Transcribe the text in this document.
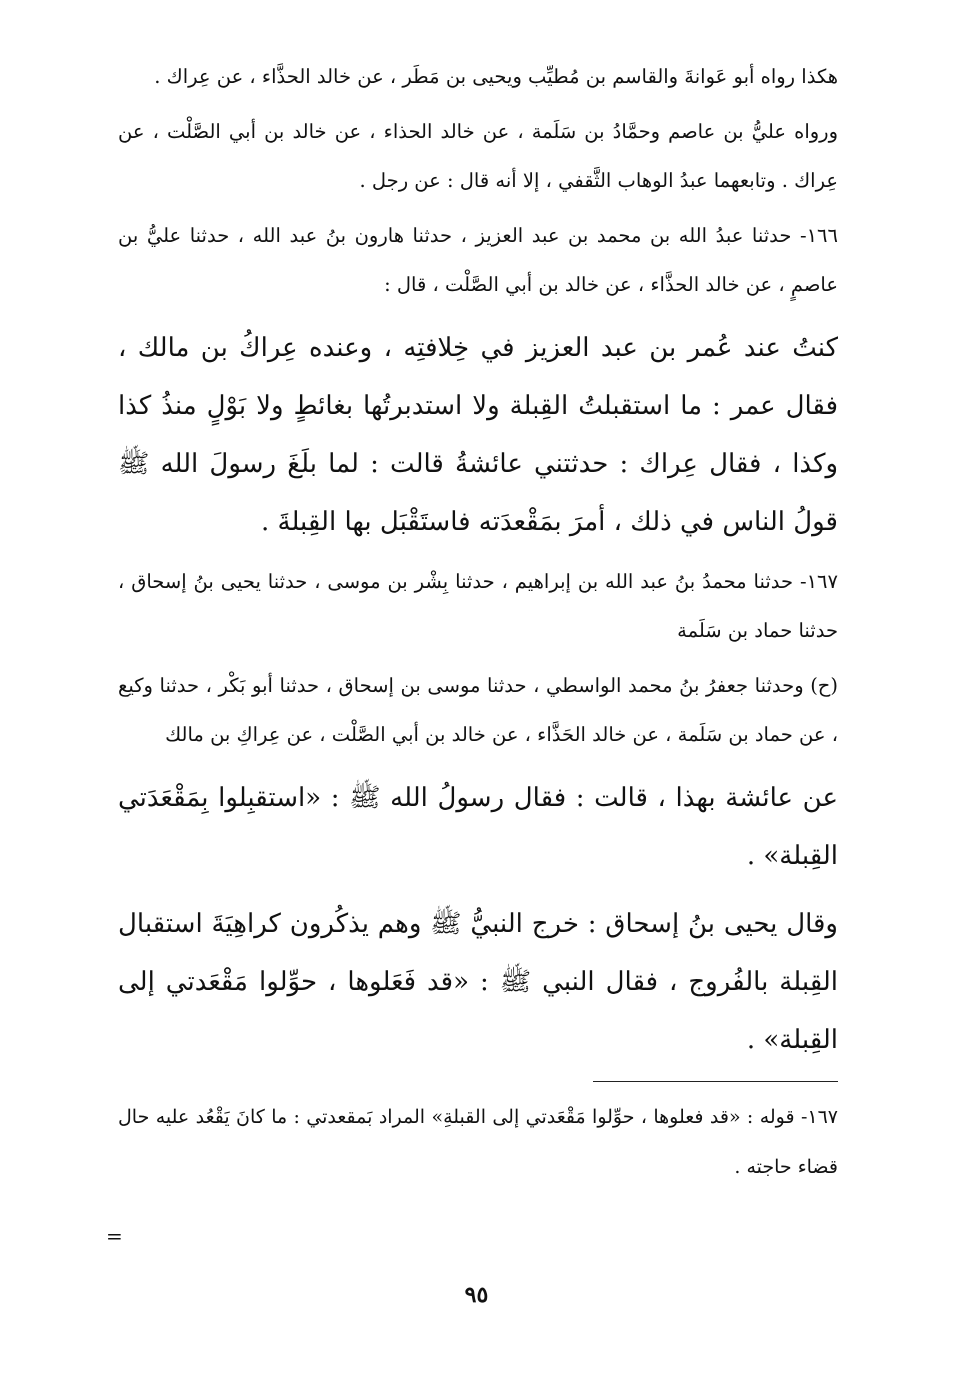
هكذا رواه أبو عَوانةَ والقاسم بن مُطيِّب ويحيى بن مَطَر ، عن خالد الحذَّاء ، عن عِراك .

ورواه عليُّ بن عاصم وحمَّادُ بن سَلَمة ، عن خالد الحذاء ، عن خالد بن أبي الصَّلْت ، عن عِراك . وتابعهما عبدُ الوهاب الثَّقفي ، إلا أنه قال : عن رجل .

١٦٦- حدثنا عبدُ الله بن محمد بن عبد العزيز ، حدثنا هارون بنُ عبد الله ، حدثنا عليُّ بن عاصمٍ ، عن خالد الحذَّاء ، عن خالد بن أبي الصَّلْت ، قال :

كنتُ عند عُمر بن عبد العزيز في خِلافتِه ، وعنده عِراكُ بن مالك ، فقال عمر : ما استقبلتُ القِبلة ولا استدبرتُها بغائطٍ ولا بَوْلٍ منذُ كذا وكذا ، فقال عِراك : حدثتني عائشةُ قالت : لما بلَغَ رسولَ الله ﷺ قولُ الناس في ذلك ، أمرَ بمَقْعدَته فاستَقْبَل بها القِبلةَ .

١٦٧- حدثنا محمدُ بنُ عبد الله بن إبراهيم ، حدثنا بِشْر بن موسى ، حدثنا يحيى بنُ إسحاق ، حدثنا حماد بن سَلَمة

(ح) وحدثنا جعفرُ بنُ محمد الواسطي ، حدثنا موسى بن إسحاق ، حدثنا أبو بَكْر ، حدثنا وكيع ، عن حماد بن سَلَمة ، عن خالد الحَذَّاء ، عن خالد بن أبي الصَّلْت ، عن عِراكِ بن مالك

عن عائشة بهذا ، قالت : فقال رسولُ الله ﷺ : «استقبِلوا بِمَقْعَدَتي القِبلة» .

وقال يحيى بنُ إسحاق : خرج النبيُّ ﷺ وهم يذكُرون كراهِيَةَ استقبال القِبلة بالفُروج ، فقال النبي ﷺ : «قد فَعَلوها ، حوِّلوا مَقْعَدتي إلى القِبلة» .

١٦٧- قوله : «قد فعلوها ، حوِّلوا مَقْعَدتي إلى القبلةِ» المراد بَمقعدتي : ما كانَ يَقْعُد عليه حال قضاء حاجته .

=
٩٥
